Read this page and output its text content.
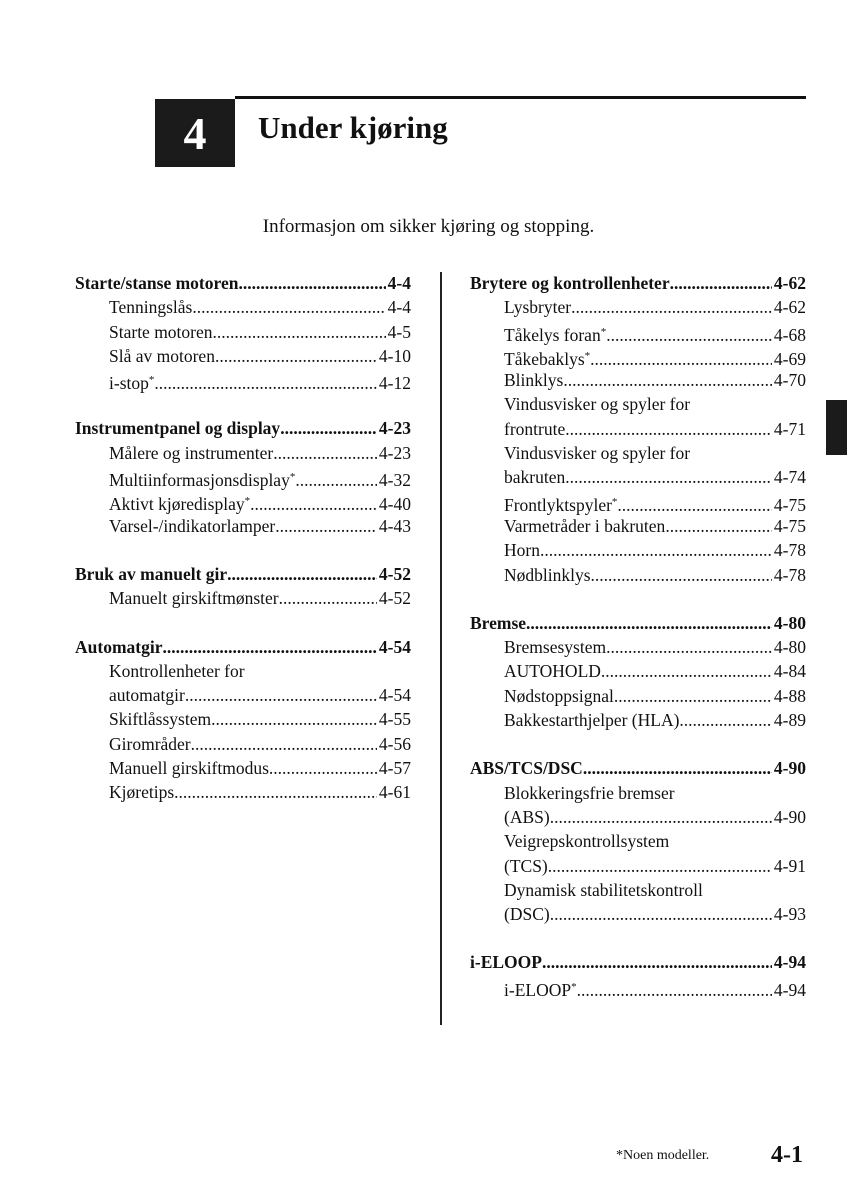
4 Under kjøring
Informasjon om sikker kjøring og stopping.
Starte/stanse motoren .....	4-4
Tenningslås .....	4-4
Starte motoren .....	4-5
Slå av motoren .....	4-10
i-stop* .....	4-12
Instrumentpanel og display .....	4-23
Målere og instrumenter .....	4-23
Multiinformasjonsdisplay* .....	4-32
Aktivt kjøredisplay* .....	4-40
Varsel-/indikatorlamper .....	4-43
Bruk av manuelt gir .....	4-52
Manuelt girskiftmønster .....	4-52
Automatgir .....	4-54
Kontrollenheter for
automatgir .....	4-54
Skiftlåssystem .....	4-55
Girområder .....	4-56
Manuell girskiftmodus .....	4-57
Kjøretips .....	4-61
Brytere og kontrollenheter .....	4-62
Lysbryter .....	4-62
Tåkelys foran* .....	4-68
Tåkebaklys* .....	4-69
Blinklys .....	4-70
Vindusvisker og spyler for
frontrute .....	4-71
Vindusvisker og spyler for
bakruten .....	4-74
Frontlyktspyler* .....	4-75
Varmetråder i bakruten .....	4-75
Horn .....	4-78
Nødblinklys .....	4-78
Bremse .....	4-80
Bremsesystem .....	4-80
AUTOHOLD .....	4-84
Nødstoppsignal .....	4-88
Bakkestarthjelper (HLA) .....	4-89
ABS/TCS/DSC .....	4-90
Blokkeringsfrie bremser
(ABS) .....	4-90
Veigrepskontrollsystem
(TCS) .....	4-91
Dynamisk stabilitetskontroll
(DSC) .....	4-93
i-ELOOP .....	4-94
i-ELOOP* .....	4-94
*Noen modeller.	4-1
